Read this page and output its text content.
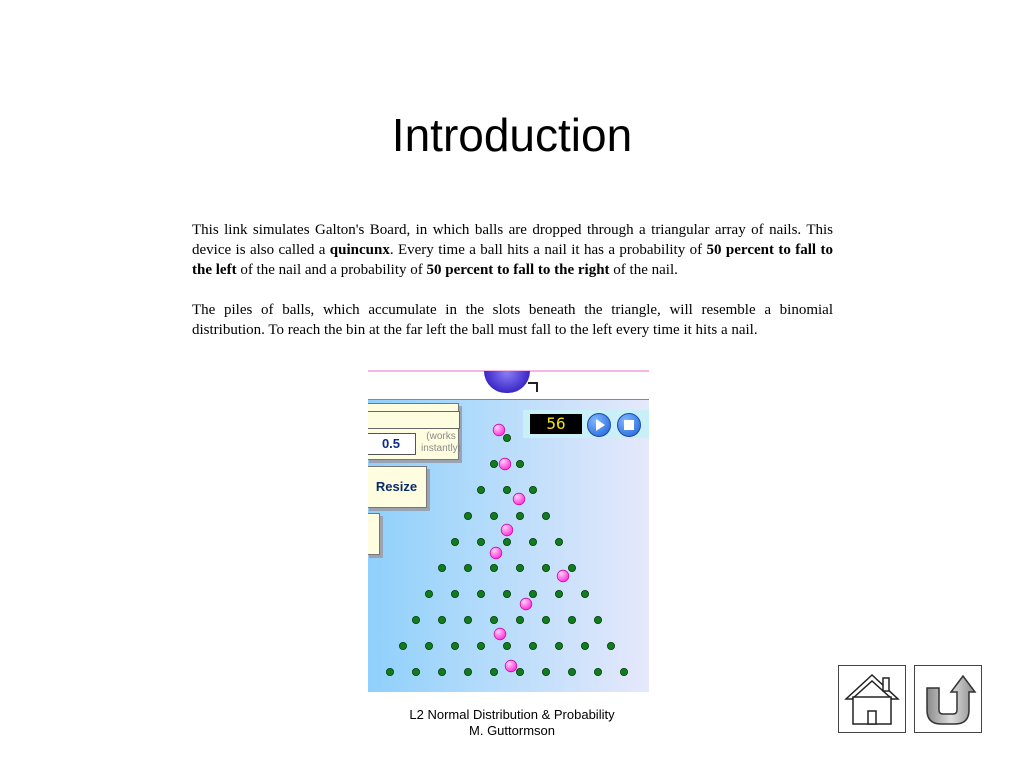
Introduction

This link simulates Galton's Board, in which balls are dropped through a triangular array of nails. This device is also called a quincunx. Every time a ball hits a nail it has a probability of 50 percent to fall to the left of the nail and a probability of 50 percent to fall to the right of the nail.

The piles of balls, which accumulate in the slots beneath the triangle, will resemble a binomial distribution. To reach the bin at the far left the ball must fall to the left every time it hits a nail.

0.5	(works instantly)
Resize
56
L2 Normal Distribution & Probability
M. Guttormson
